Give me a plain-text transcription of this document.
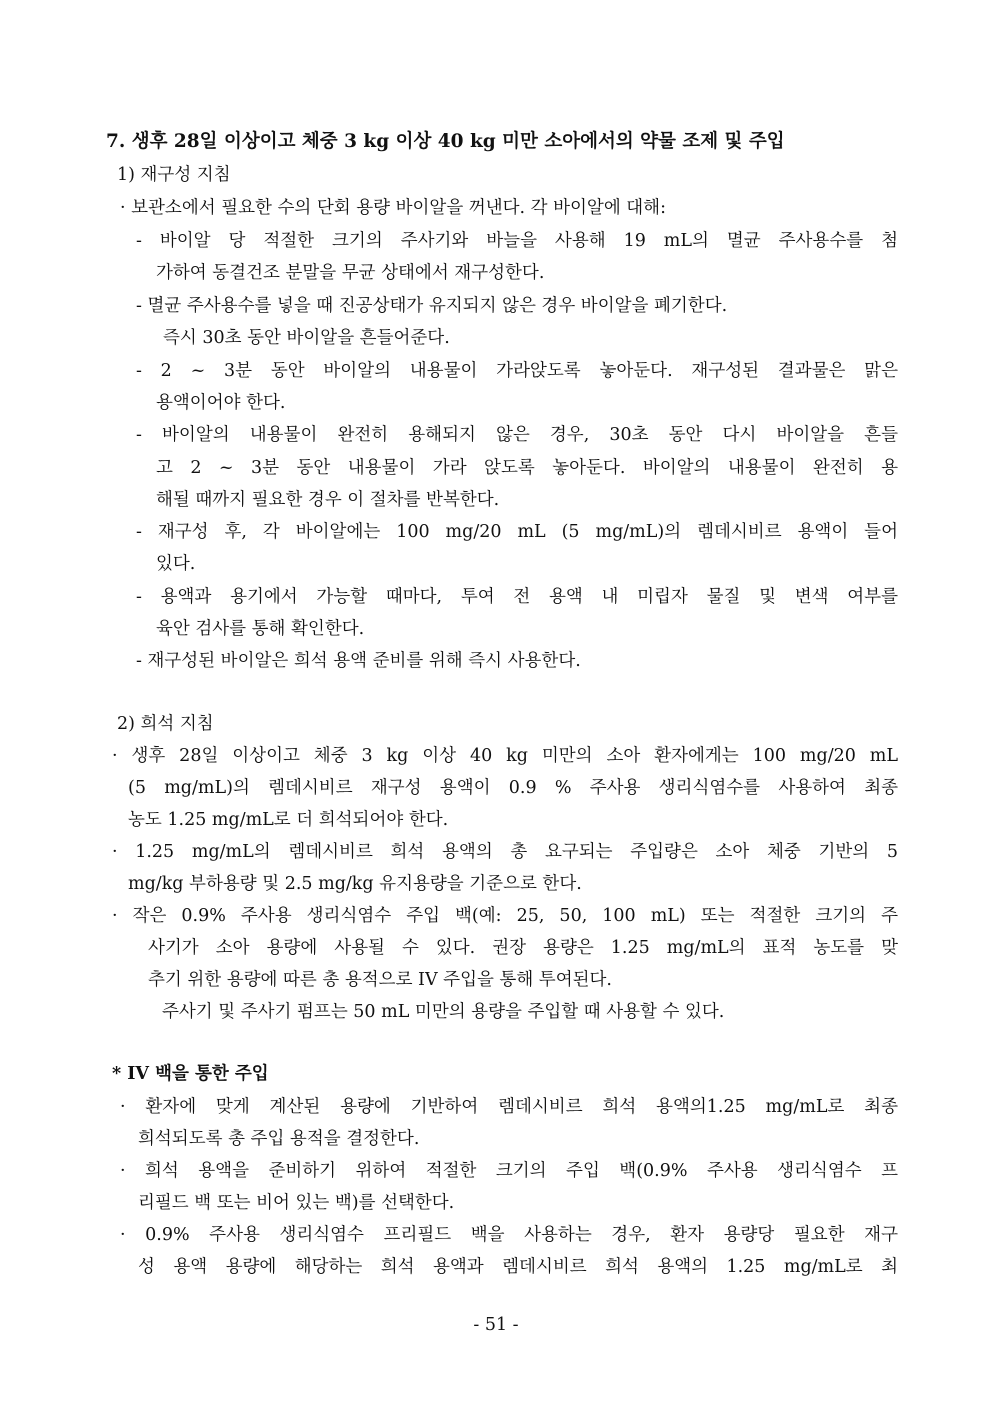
7. 생후 28일 이상이고 체중 3 kg 이상 40 kg 미만 소아에서의 약물 조제 및 주입
1) 재구성 지침
· 보관소에서 필요한 수의 단회 용량 바이알을 꺼낸다. 각 바이알에 대해:
- 바이알 당 적절한 크기의 주사기와 바늘을 사용해 19 mL의 멸균 주사용수를 첨
가하여 동결건조 분말을 무균 상태에서 재구성한다.
- 멸균 주사용수를 넣을 때 진공상태가 유지되지 않은 경우 바이알을 폐기한다.
즉시 30초 동안 바이알을 흔들어준다.
- 2 ~ 3분 동안 바이알의 내용물이 가라앉도록 놓아둔다. 재구성된 결과물은 맑은
용액이어야 한다.
- 바이알의 내용물이 완전히 용해되지 않은 경우, 30초 동안 다시 바이알을 흔들
고 2 ~ 3분 동안 내용물이 가라 앉도록 놓아둔다. 바이알의 내용물이 완전히 용
해될 때까지 필요한 경우 이 절차를 반복한다.
- 재구성 후, 각 바이알에는 100 mg/20 mL (5 mg/mL)의 렘데시비르 용액이 들어
있다.
- 용액과 용기에서 가능할 때마다, 투여 전 용액 내 미립자 물질 및 변색 여부를
육안 검사를 통해 확인한다.
- 재구성된 바이알은 희석 용액 준비를 위해 즉시 사용한다.
2) 희석 지침
· 생후 28일 이상이고 체중 3 kg 이상 40 kg 미만의 소아 환자에게는 100 mg/20 mL
(5 mg/mL)의 렘데시비르 재구성 용액이 0.9 % 주사용 생리식염수를 사용하여 최종
농도 1.25 mg/mL로 더 희석되어야 한다.
· 1.25 mg/mL의 렘데시비르 희석 용액의 총 요구되는 주입량은 소아 체중 기반의 5
mg/kg 부하용량 및 2.5 mg/kg 유지용량을 기준으로 한다.
· 작은 0.9% 주사용 생리식염수 주입 백(예: 25, 50, 100 mL) 또는 적절한 크기의 주
사기가 소아 용량에 사용될 수 있다. 권장 용량은 1.25 mg/mL의 표적 농도를 맞
추기 위한 용량에 따른 총 용적으로 IV 주입을 통해 투여된다.
주사기 및 주사기 펌프는 50 mL 미만의 용량을 주입할 때 사용할 수 있다.
* IV 백을 통한 주입
· 환자에 맞게 계산된 용량에 기반하여 렘데시비르 희석 용액의1.25 mg/mL로 최종
희석되도록 총 주입 용적을 결정한다.
· 희석 용액을 준비하기 위하여 적절한 크기의 주입 백(0.9% 주사용 생리식염수 프
리필드 백 또는 비어 있는 백)를 선택한다.
· 0.9% 주사용 생리식염수 프리필드 백을 사용하는 경우, 환자 용량당 필요한 재구
성 용액 용량에 해당하는 희석 용액과 렘데시비르 희석 용액의 1.25 mg/mL로 최
- 51 -
